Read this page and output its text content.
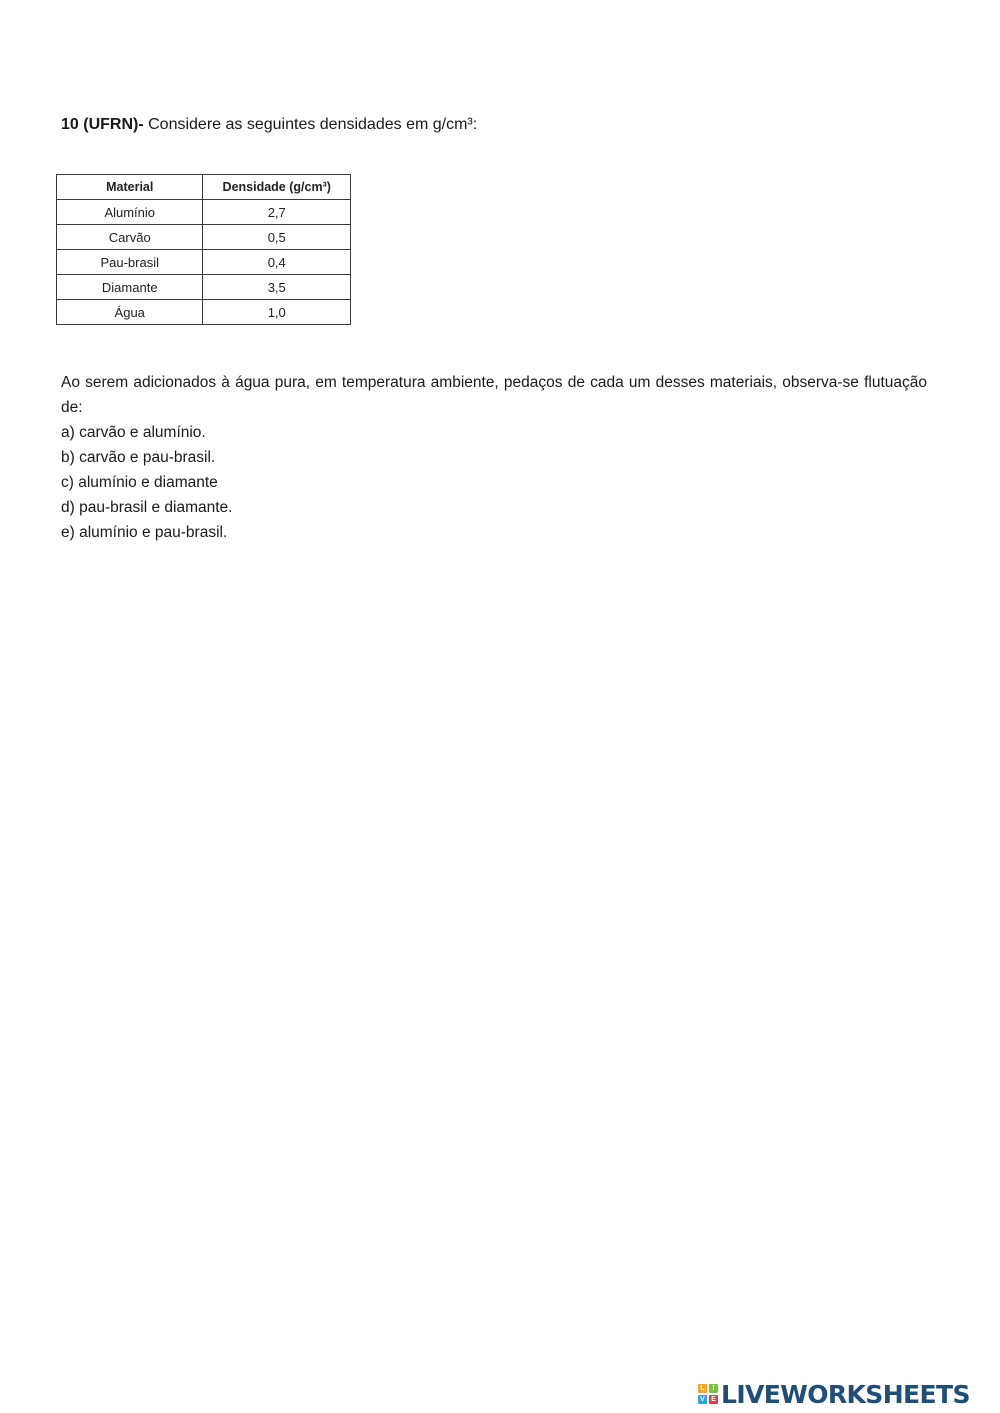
10 (UFRN)- Considere as seguintes densidades em g/cm³:
Material	Densidade (g/cm³)
Alumínio	2,7
Carvão	0,5
Pau-brasil	0,4
Diamante	3,5
Água	1,0
Ao serem adicionados à água pura, em temperatura ambiente, pedaços de cada um desses materiais, observa-se flutuação de:
a) carvão e alumínio.
b) carvão e pau-brasil.
c) alumínio e diamante
d) pau-brasil e diamante.
e) alumínio e pau-brasil.
L	I
V E LIVEWORKSHEETS
